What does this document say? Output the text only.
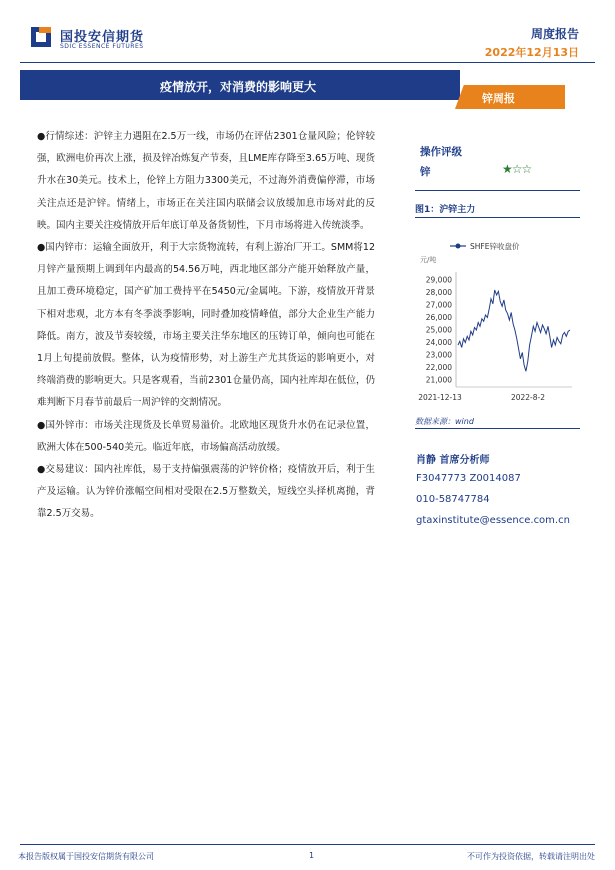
国投安信期货
SDIC ESSENCE FUTURES
周度报告
2022年12月13日
疫情放开，对消费的影响更大
锌周报

●行情综述：沪锌主力遇阻在2.5万一线，市场仍在评估2301仓量风险；伦锌较强，欧洲电价再次上涨，损及锌冶炼复产节奏，且LME库存降至3.65万吨、现货升水在30美元。技术上，伦锌上方阻力3300美元，不过海外消费偏停滞，市场关注点还是沪锌。情绪上，市场正在关注国内联储会议放缓加息市场对此的反映。国内主要关注疫情放开后年底订单及备货韧性，下月市场将进入传统淡季。

●国内锌市：运输全面放开，利于大宗货物流转，有利上游冶厂开工。SMM将12月锌产量预期上调到年内最高的54.56万吨，西北地区部分产能开始释放产量，且加工费环境稳定，国产矿加工费持平在5450元/金属吨。下游，疫情放开背景下相对悲观，北方本有冬季淡季影响，同时叠加疫情峰值，部分大企业生产能力降低。南方，波及节奏较缓，市场主要关注华东地区的压铸订单，倾向也可能在1月上旬提前放假。整体，认为疫情形势，对上游生产尤其货运的影响更小，对终端消费的影响更大。只是客观看，当前2301仓量仍高，国内社库却在低位，仍难判断下月春节前最后一周沪锌的交割情况。

●国外锌市：市场关注现货及长单贸易溢价。北欧地区现货升水仍在记录位置，欧洲大体在500-540美元。临近年底，市场偏高活动放缓。

●交易建议：国内社库低，易于支持偏强震荡的沪锌价格；疫情放开后，利于生产及运输。认为锌价涨幅空间相对受限在2.5万整数关，短线空头择机离抛，背靠2.5万交易。

操作评级
锌	★☆☆
图1：沪锌主力
SHFE锌收盘价
元/吨
29,000
28,000
27,000
26,000
25,000
24,000
23,000
22,000
21,000
2021-12-13	2022-8-2
数据来源：wind
肖静 首席分析师
F3047773 Z0014087
010-58747784
gtaxinstitute@essence.com.cn
本报告版权属于国投安信期货有限公司	1	不可作为投资依据，转载请注明出处
